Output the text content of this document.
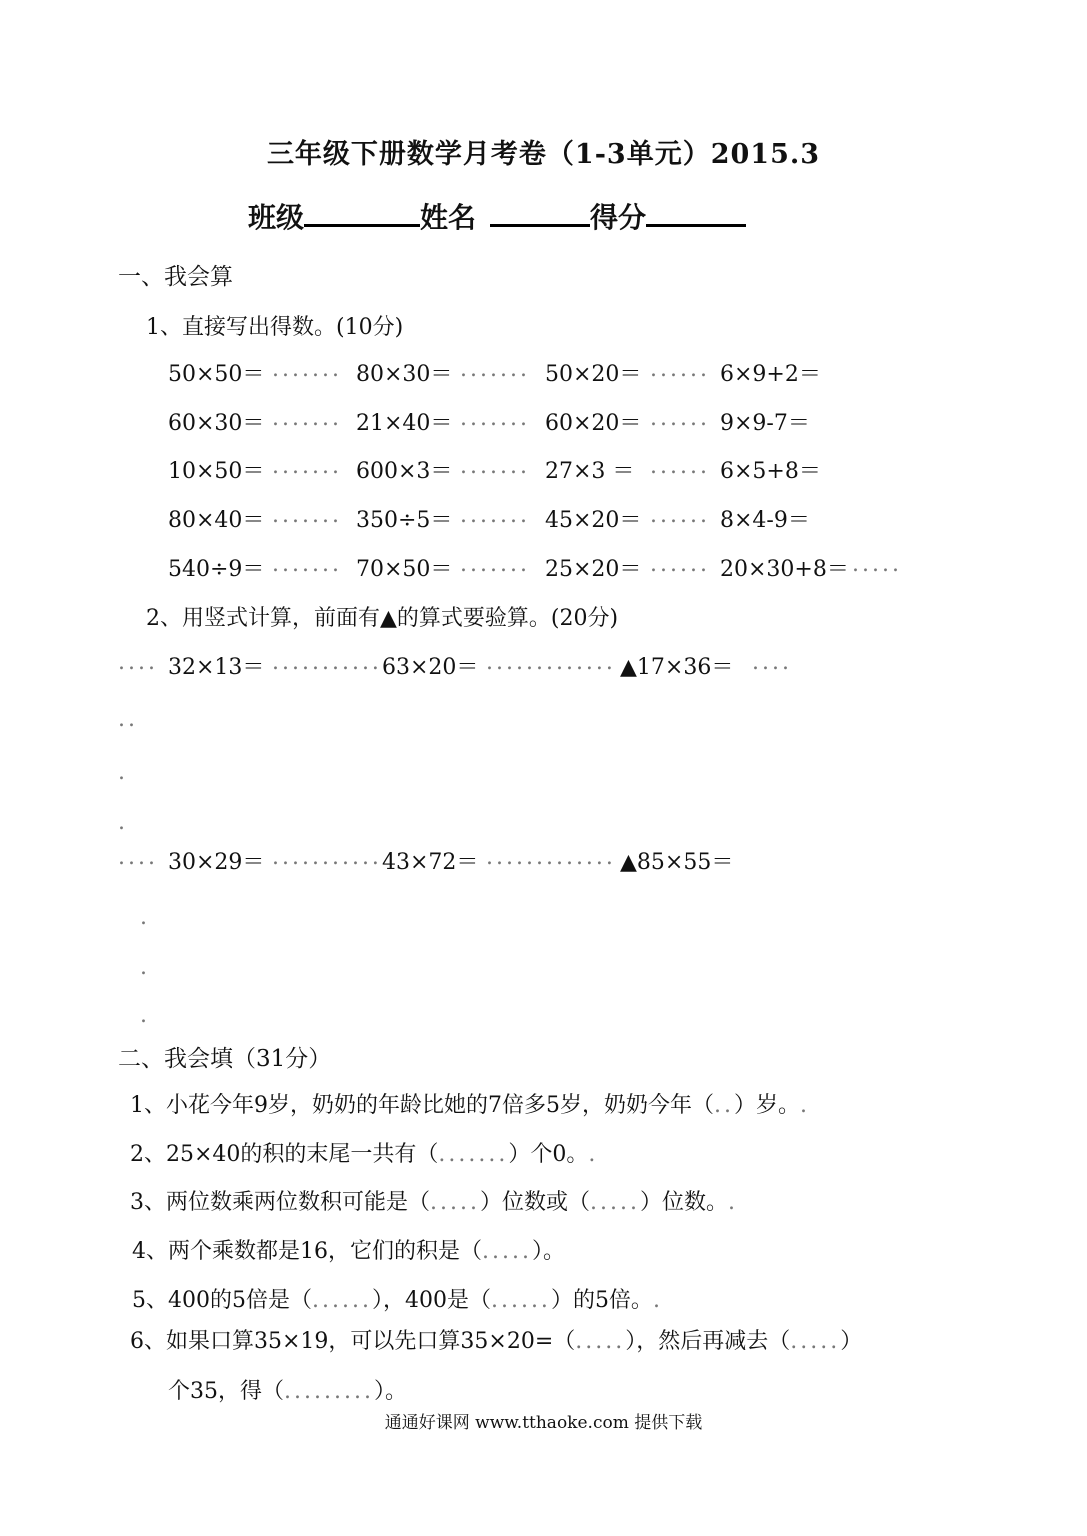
三年级下册数学月考卷（1-3单元）2015.3
班级	姓名	得分
一、我会算
1、直接写出得数。(10分)
50×50＝ ....... 80×30＝ ....... 50×20＝ ...... 6×9+2＝
60×30＝ ....... 21×40＝ ....... 60×20＝ ...... 9×9-7＝
10×50＝ ....... 600×3＝ ....... 27×3 ＝ ...... 6×5+8＝
80×40＝ ....... 350÷5＝ ....... 45×20＝ ...... 8×4-9＝
540÷9＝ ....... 70×50＝ ....... 25×20＝ ...... 20×30+8＝ .....
2、用竖式计算，前面有▲的算式要验算。(20分)
.... 32×13＝ ........... 63×20＝ ............. ▲17×36＝ ....
..
.
.
.... 30×29＝ ........... 43×72＝ ............. ▲85×55＝
.
.
.
二、我会填（31分）
1、小花今年9岁，奶奶的年龄比她的7倍多5岁，奶奶今年（..）岁。.
2、25×40的积的末尾一共有（.......）个0。.
3、两位数乘两位数积可能是（.....）位数或（.....）位数。.
4、两个乘数都是16，它们的积是（.....）。
5、400的5倍是（......），400是（......）的5倍。.
6、如果口算35×19，可以先口算35×20=（.....），然后再减去（.....）
个35，得（.........）。
通通好课网 www.tthaoke.com 提供下载
